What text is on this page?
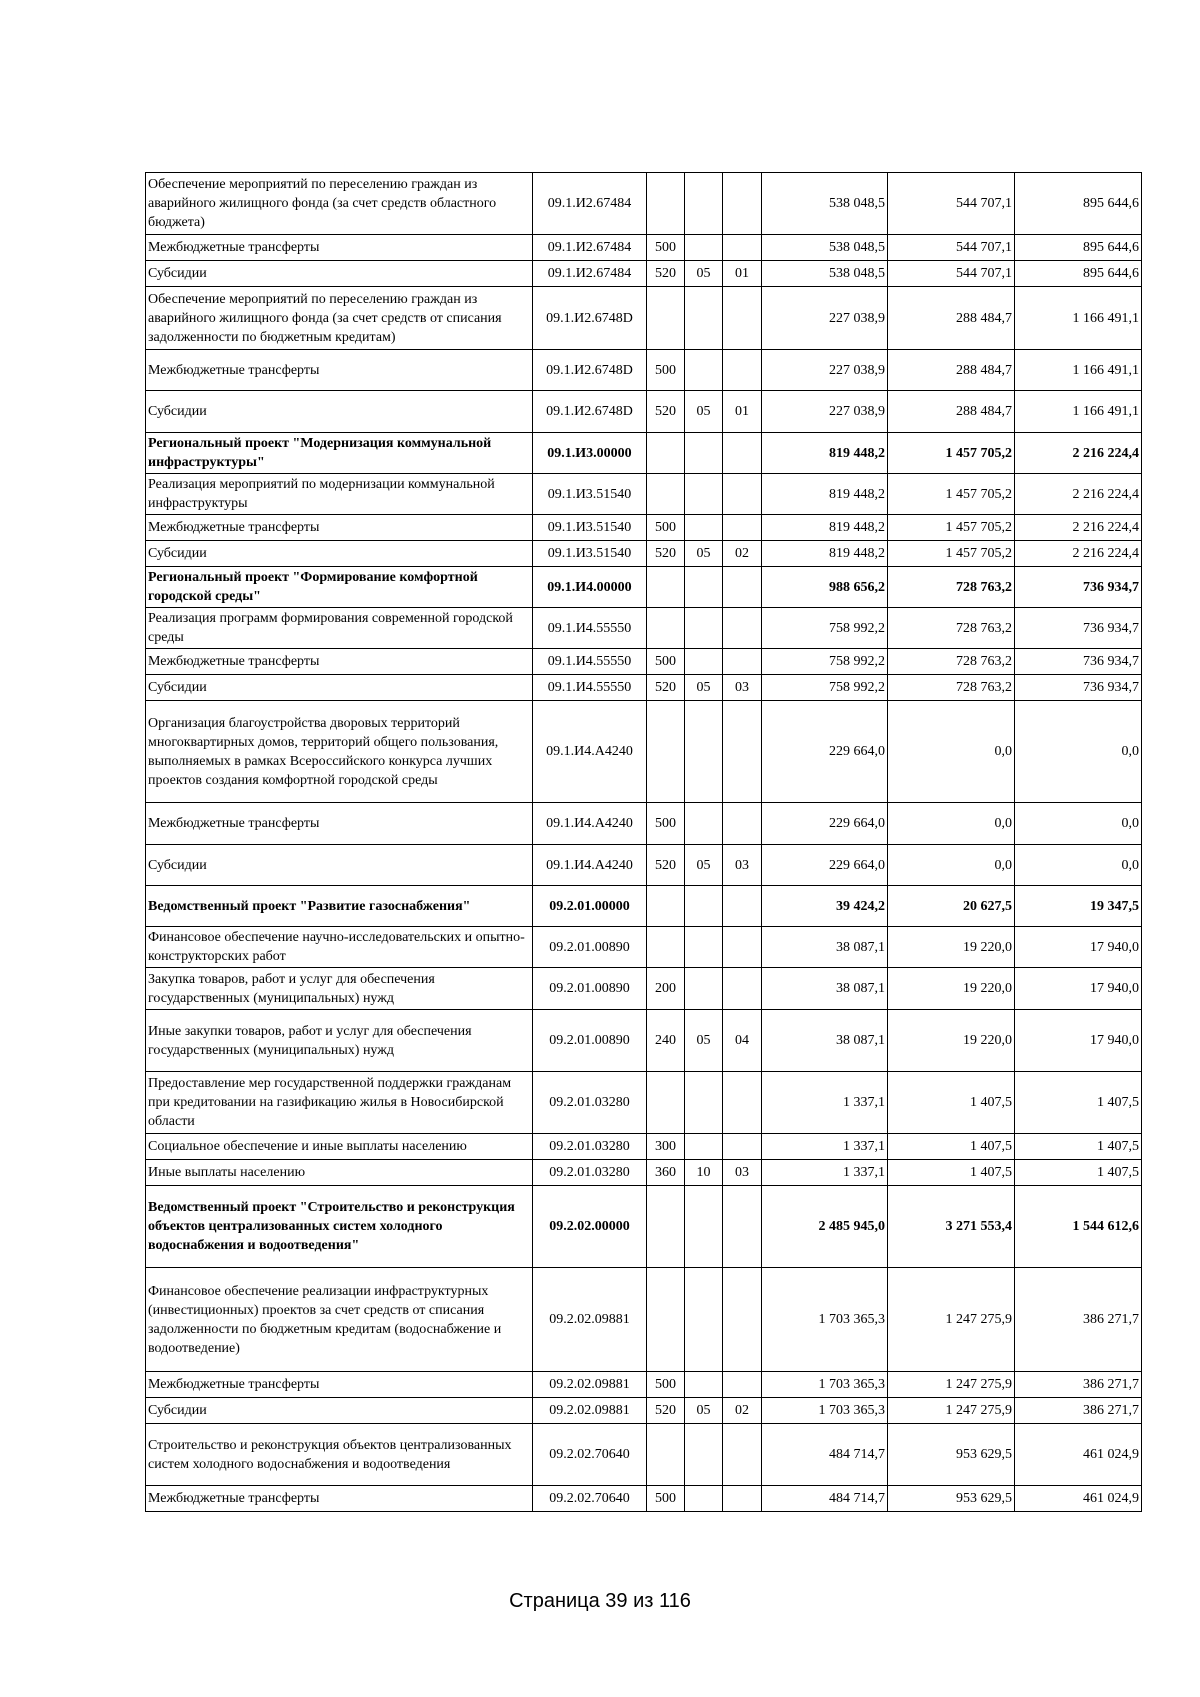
Обеспечение мероприятий по переселению граждан из аварийного жилищного фонда (за счет средств областного бюджета)	09.1.И2.67484				538 048,5	544 707,1	895 644,6
Межбюджетные трансферты	09.1.И2.67484	500			538 048,5	544 707,1	895 644,6
Субсидии	09.1.И2.67484	520	05	01	538 048,5	544 707,1	895 644,6
Обеспечение мероприятий по переселению граждан из аварийного жилищного фонда (за счет средств от списания задолженности по бюджетным кредитам)	09.1.И2.6748D				227 038,9	288 484,7	1 166 491,1
Межбюджетные трансферты	09.1.И2.6748D	500			227 038,9	288 484,7	1 166 491,1
Субсидии	09.1.И2.6748D	520	05	01	227 038,9	288 484,7	1 166 491,1
Региональный проект "Модернизация коммунальной инфраструктуры"	09.1.И3.00000				819 448,2	1 457 705,2	2 216 224,4
Реализация мероприятий по модернизации коммунальной инфраструктуры	09.1.И3.51540				819 448,2	1 457 705,2	2 216 224,4
Межбюджетные трансферты	09.1.И3.51540	500			819 448,2	1 457 705,2	2 216 224,4
Субсидии	09.1.И3.51540	520	05	02	819 448,2	1 457 705,2	2 216 224,4
Региональный проект "Формирование комфортной городской среды"	09.1.И4.00000				988 656,2	728 763,2	736 934,7
Реализация программ формирования современной городской среды	09.1.И4.55550				758 992,2	728 763,2	736 934,7
Межбюджетные трансферты	09.1.И4.55550	500			758 992,2	728 763,2	736 934,7
Субсидии	09.1.И4.55550	520	05	03	758 992,2	728 763,2	736 934,7
Организация благоустройства дворовых территорий многоквартирных домов, территорий общего пользования, выполняемых в рамках Всероссийского конкурса лучших проектов создания комфортной городской среды	09.1.И4.А4240				229 664,0	0,0	0,0
Межбюджетные трансферты	09.1.И4.А4240	500			229 664,0	0,0	0,0
Субсидии	09.1.И4.А4240	520	05	03	229 664,0	0,0	0,0
Ведомственный проект "Развитие газоснабжения"	09.2.01.00000				39 424,2	20 627,5	19 347,5
Финансовое обеспечение научно-исследовательских и опытно-конструкторских работ	09.2.01.00890				38 087,1	19 220,0	17 940,0
Закупка товаров, работ и услуг для обеспечения государственных (муниципальных) нужд	09.2.01.00890	200			38 087,1	19 220,0	17 940,0
Иные закупки товаров, работ и услуг для обеспечения государственных (муниципальных) нужд	09.2.01.00890	240	05	04	38 087,1	19 220,0	17 940,0
Предоставление мер государственной поддержки гражданам при кредитовании на газификацию жилья в Новосибирской области	09.2.01.03280				1 337,1	1 407,5	1 407,5
Социальное обеспечение и иные выплаты населению	09.2.01.03280	300			1 337,1	1 407,5	1 407,5
Иные выплаты населению	09.2.01.03280	360	10	03	1 337,1	1 407,5	1 407,5
Ведомственный проект "Строительство и реконструкция объектов централизованных систем холодного водоснабжения и водоотведения"	09.2.02.00000				2 485 945,0	3 271 553,4	1 544 612,6
Финансовое обеспечение реализации инфраструктурных (инвестиционных) проектов за счет средств от списания задолженности по бюджетным кредитам (водоснабжение и водоотведение)	09.2.02.09881				1 703 365,3	1 247 275,9	386 271,7
Межбюджетные трансферты	09.2.02.09881	500			1 703 365,3	1 247 275,9	386 271,7
Субсидии	09.2.02.09881	520	05	02	1 703 365,3	1 247 275,9	386 271,7
Строительство и реконструкция объектов централизованных систем холодного водоснабжения и водоотведения	09.2.02.70640				484 714,7	953 629,5	461 024,9
Межбюджетные трансферты	09.2.02.70640	500			484 714,7	953 629,5	461 024,9
Страница 39 из 116
